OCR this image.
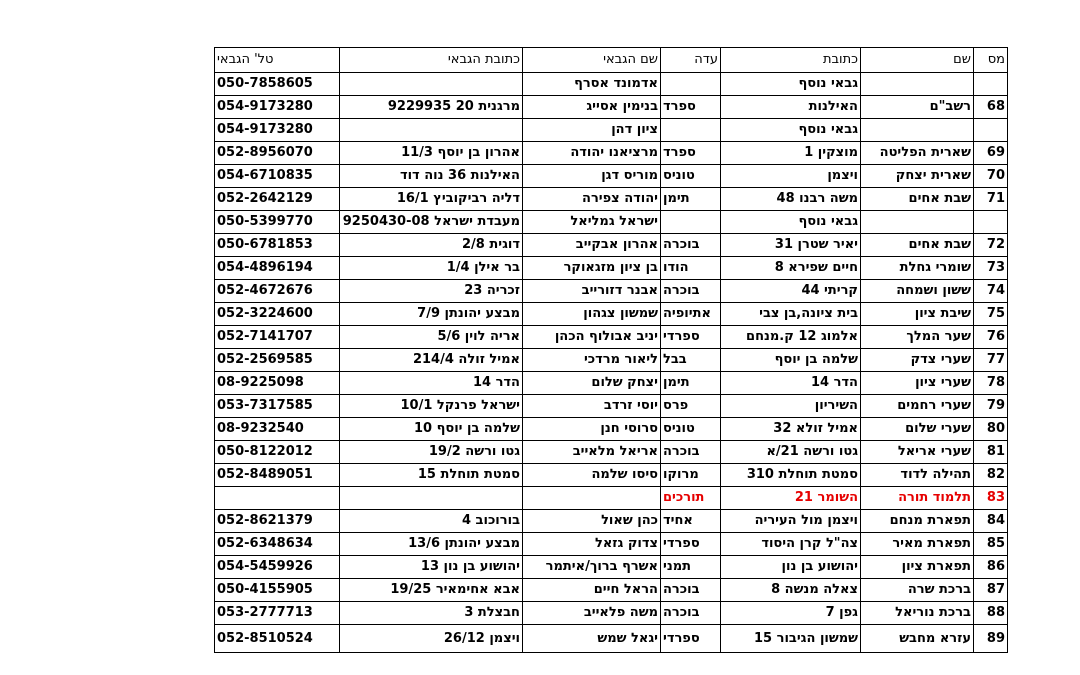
מס	שם	כתובת	עדה	שם הגבאי	כתובת הגבאי	טל' הגבאי
		גבאי נוסף		אדמונד אסרף		050-7858605
68	רשב"ם	האילנות	ספרד	בנימין אסייג	מרגנית 20 9229935	054-9173280
		גבאי נוסף		ציון דהן		054-9173280
69	שארית הפליטה	מוצקין 1	ספרד	מרציאנו יהודה	אהרון בן יוסף 11/3	052-8956070
70	שארית יצחק	ויצמן	טוניס	מוריס דגן	האילנות 36 נוה דוד	054-6710835
71	שבת אחים	משה רבנו 48	תימן	יהודה צפירה	דליה רביקוביץ 16/1	052-2642129
		גבאי נוסף		ישראל גמליאל	מעבדת ישראל 9250430-08	050-5399770
72	שבת אחים	יאיר שטרן 31	בוכרה	אהרון אבקייב	דוגית 2/8	050-6781853
73	שומרי גחלת	חיים שפירא 8	הודו	בן ציון מזגאוקר	בר אילן 1/4	054-4896194
74	ששון ושמחה	קריתי 44	בוכרה	אבנר דזורייב	זכריה 23	052-4672676
75	שיבת ציון	בית ציונה,בן צבי	אתיופיה	שמשון צגהון	מבצע יהונתן 7/9	052-3224600
76	שער המלך	אלמוג 12 ק.מנחם	ספרדי	יניב אבולוף הכהן	אריה לוין 5/6	052-7141707
77	שערי צדק	שלמה בן יוסף	בבל	ליאור מרדכי	אמיל זולה 214/4	052-2569585
78	שערי ציון	הדר 14	תימן	יצחק שלום	הדר 14	08-9225098
79	שערי רחמים	השיריון	פרס	יוסי זרדב	ישראל פרנקל 10/1	053-7317585
80	שערי שלום	אמיל זולא 32	טוניס	סרוסי חנן	שלמה בן יוסף 10	08-9232540
81	שערי אריאל	גטו ורשה 21/א	בוכרה	אריאל מלאייב	גטו ורשה 19/2	050-8122012
82	תהילה לדוד	סמטת תוחלת 310	מרוקו	סיסו שלמה	סמטת תוחלת 15	052-8489051
83	תלמוד תורה	השומר 21	תורכים			
84	תפארת מנחם	ויצמן מול העיריה	אחיד	כהן שאול	בורוכוב 4	052-8621379
85	תפארת מאיר	צה"ל קרן היסוד	ספרדי	צדוק גזאל	מבצע יהונתן 13/6	052-6348634
86	תפארת ציון	יהושוע בן נון	תמני	אשרף ברוך/איתמר	יהושוע בן נון 13	054-5459926
87	ברכת שרה	צאלה מנשה 8	בוכרה	הראל חיים	אבא אחימאיר 19/25	050-4155905
88	ברכת נוריאל	גפן 7	בוכרה	משה פלאייב	חבצלת 3	053-2777713
89	עזרא מחבש	שמשון הגיבור 15	ספרדי	יגאל שמש	ויצמן 26/12	052-8510524
